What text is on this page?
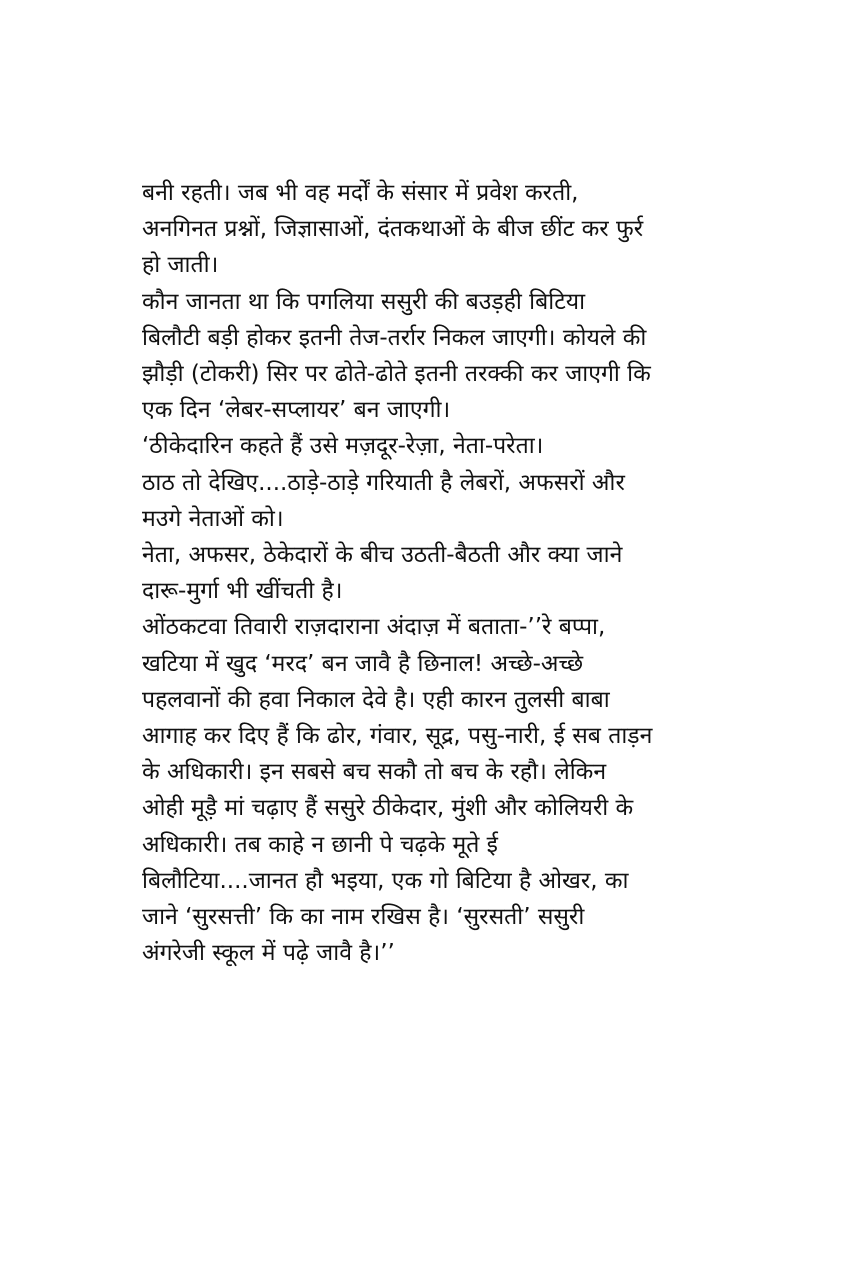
बनी रहती। जब भी वह मर्दों के संसार में प्रवेश करती,
अनगिनत प्रश्नों, जिज्ञासाओं, दंतकथाओं के बीज छींट कर फुर्र
हो जाती।
कौन जानता था कि पगलिया ससुरी की बउड़ही बिटिया
बिलौटी बड़ी होकर इतनी तेज-तर्रार निकल जाएगी। कोयले की
झौड़ी (टोकरी) सिर पर ढोते-ढोते इतनी तरक्की कर जाएगी कि
एक दिन ‘लेबर-सप्लायर’ बन जाएगी।
‘ठीकेदारिन कहते हैं उसे मज़दूर-रेज़ा, नेता-परेता।
ठाठ तो देखिए....ठाड़े-ठाड़े गरियाती है लेबरों, अफसरों और
मउगे नेताओं को।
नेता, अफसर, ठेकेदारों के बीच उठती-बैठती और क्या जाने
दारू-मुर्गा भी खींचती है।
ओंठकटवा तिवारी राज़दाराना अंदाज़ में बताता-’’रे बप्पा,
खटिया में खुद ‘मरद’ बन जावै है छिनाल! अच्छे-अच्छे
पहलवानों की हवा निकाल देवे है। एही कारन तुलसी बाबा
आगाह कर दिए हैं कि ढोर, गंवार, सूद्र, पसु-नारी, ई सब ताड़न
के अधिकारी। इन सबसे बच सकौ तो बच के रहौ। लेकिन
ओही मूड़ै मां चढ़ाए हैं ससुरे ठीकेदार, मुंशी और कोलियरी के
अधिकारी। तब काहे न छानी पे चढ़के मूते ई
बिलौटिया....जानत हौ भइया, एक गो बिटिया है ओखर, का
जाने ‘सुरसत्ती’ कि का नाम रखिस है। ‘सुरसती’ ससुरी
अंगरेजी स्कूल में पढ़े जावै है।’’
